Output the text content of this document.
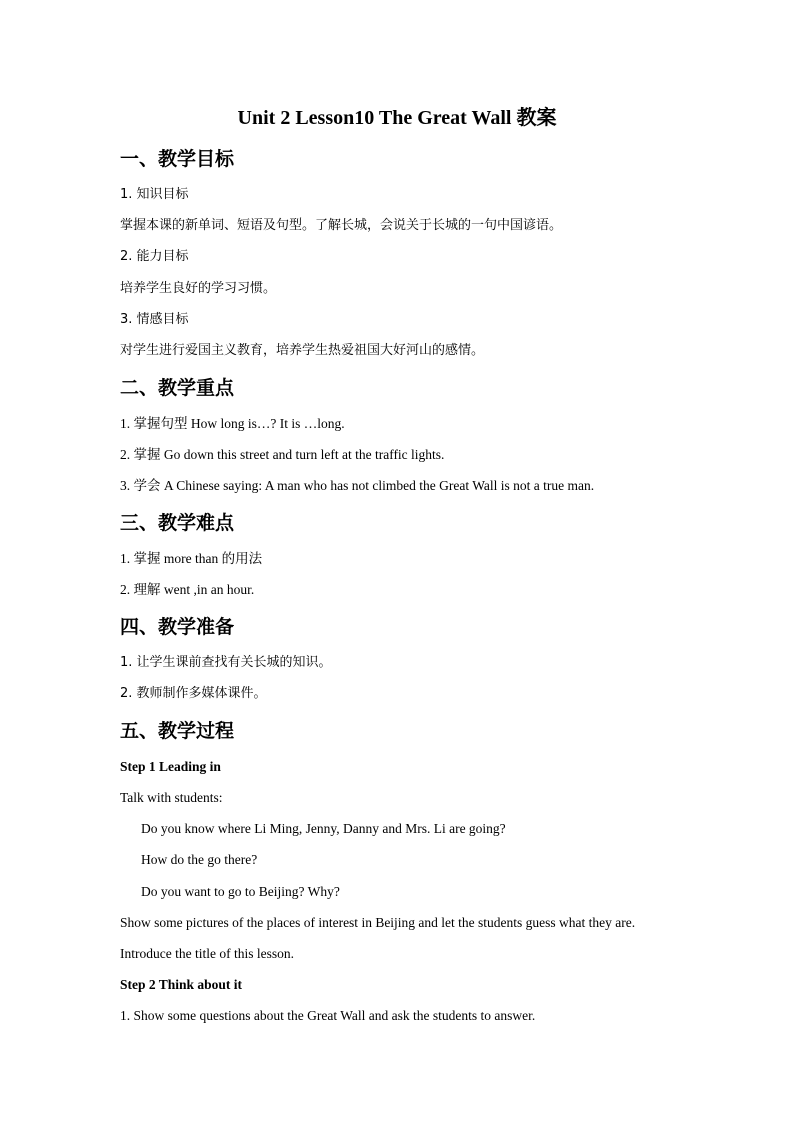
Unit 2 Lesson10 The Great Wall 教案
一、教学目标
1. 知识目标
掌握本课的新单词、短语及句型。了解长城，会说关于长城的一句中国谚语。
2. 能力目标
培养学生良好的学习习惯。
3. 情感目标
对学生进行爱国主义教育，培养学生热爱祖国大好河山的感情。
二、教学重点
1. 掌握句型 How long is…? It is …long.
2. 掌握 Go down this street and turn left at the traffic lights.
3. 学会 A Chinese saying: A man who has not climbed the Great Wall is not a true man.
三、教学难点
1. 掌握 more than 的用法
2. 理解 went ,in an hour.
四、教学准备
1. 让学生课前查找有关长城的知识。
2. 教师制作多媒体课件。
五、教学过程
Step 1 Leading in
Talk with students:
Do you know where Li Ming, Jenny, Danny and Mrs. Li are going?
How do the go there?
Do you want to go to Beijing? Why?
Show some pictures of the places of interest in Beijing and let the students guess what they are.
Introduce the title of this lesson.
Step 2 Think about it
1. Show some questions about the Great Wall and ask the students to answer.
